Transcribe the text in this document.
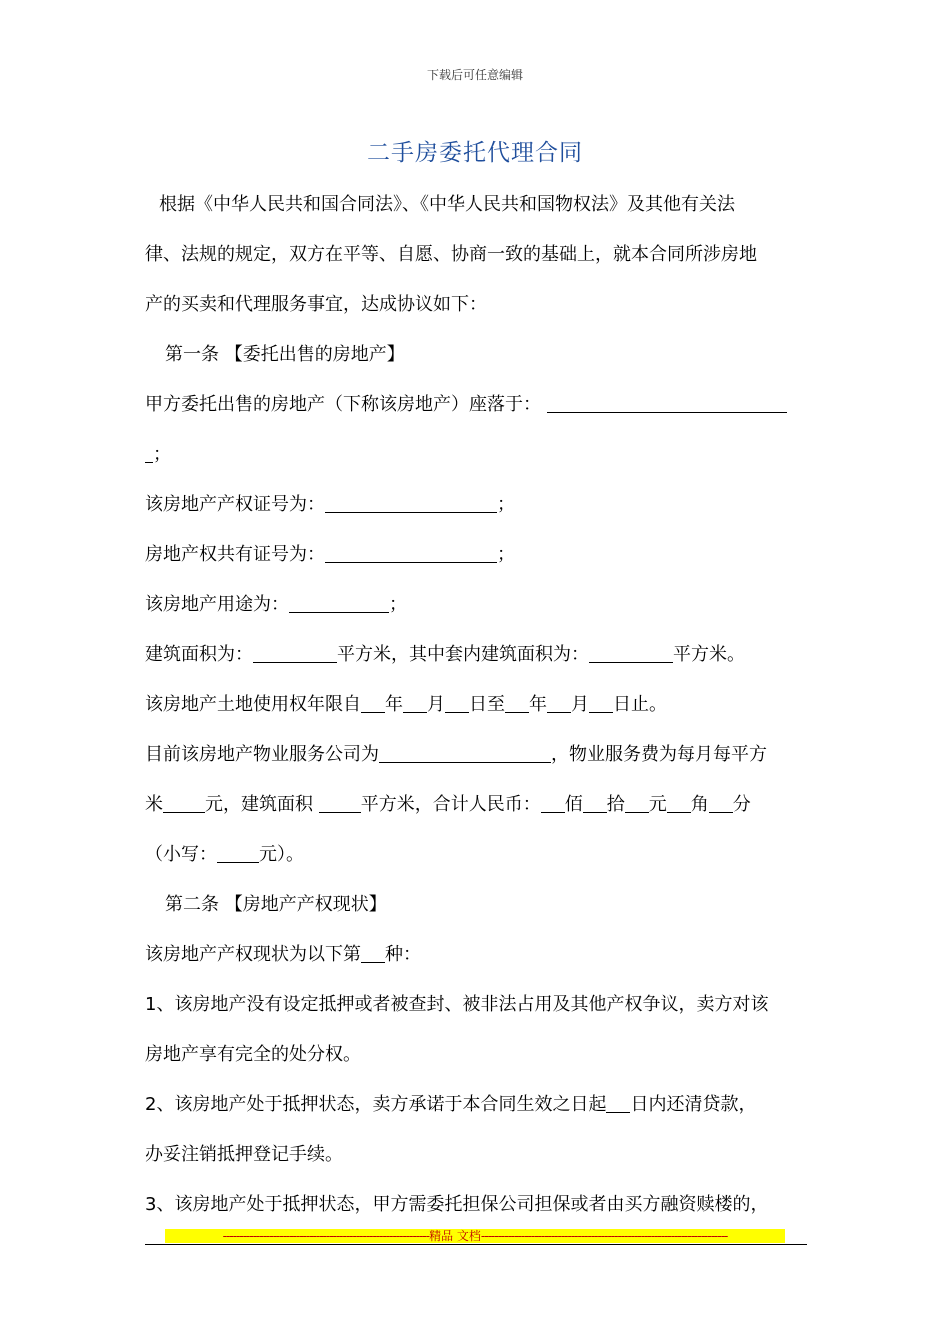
下载后可任意编辑
二手房委托代理合同
根据《中华人民共和国合同法》、《中华人民共和国物权法》及其他有关法
律、法规的规定，双方在平等、自愿、协商一致的基础上，就本合同所涉房地
产的买卖和代理服务事宜，达成协议如下：
第一条 【委托出售的房地产】
甲方委托出售的房地产（下称该房地产）座落于：
；
该房地产产权证号为：	；
房地产权共有证号为：	；
该房地产用途为：	；
建筑面积为：	平方米，其中套内建筑面积为：	平方米。
该房地产土地使用权年限自 年 月 日至 年 月 日止。
目前该房地产物业服务公司为	，物业服务费为每月每平方
米 元，建筑面积 平方米，合计人民币： 佰 拾 元 角 分
（小写： 元）。
第二条 【房地产产权现状】
该房地产产权现状为以下第 种：
1、该房地产没有设定抵押或者被查封、被非法占用及其他产权争议，卖方对该
房地产享有完全的处分权。
2、该房地产处于抵押状态，卖方承诺于本合同生效之日起 日内还清贷款，
办妥注销抵押登记手续。
3、该房地产处于抵押状态，甲方需委托担保公司担保或者由买方融资赎楼的，
--------------------------------------------------------------精品 文档--------------------------------------------------------------------------
